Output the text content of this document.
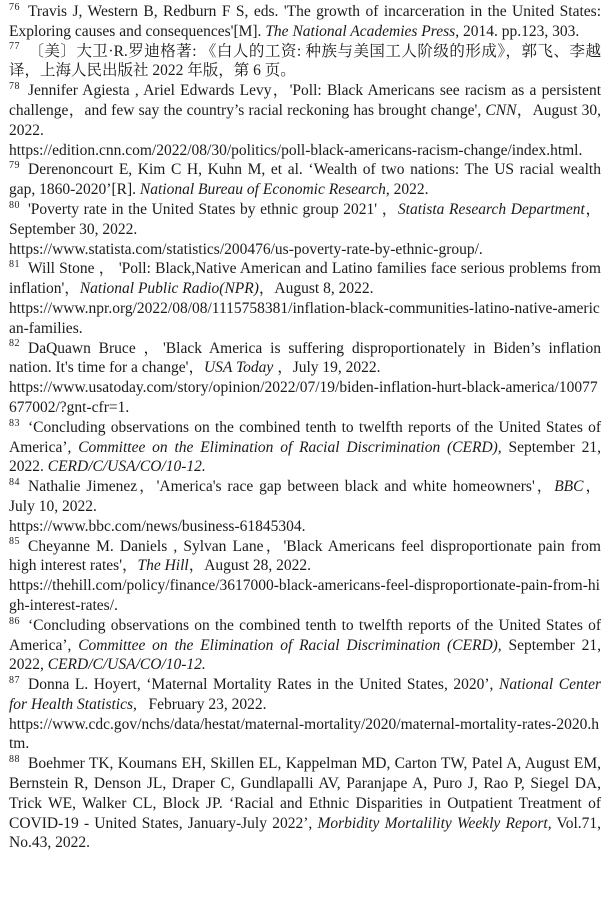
$^{76}$ Travis J, Western B, Redburn F S, eds. 'The growth of incarceration in the United States: Exploring causes and consequences'[M]. The National Academies Press, 2014. pp.123, 303.

$^{77}$ 〔美〕大卫·R.罗迪格著: 《白人的工资: 种族与美国工人阶级的形成》，郭飞、李越译，上海人民出版社 2022 年版，第 6 页。

$^{78}$ Jennifer Agiesta , Ariel Edwards Levy，'Poll: Black Americans see racism as a persistent challenge，and few say the country’s racial reckoning has brought change', CNN，August 30, 2022.
https://edition.cnn.com/2022/08/30/politics/poll-black-americans-racism-change/index.html.

$^{79}$ Derenoncourt E, Kim C H, Kuhn M, et al. ‘Wealth of two nations: The US racial wealth gap, 1860-2020’[R]. National Bureau of Economic Research, 2022.

$^{80}$ 'Poverty rate in the United States by ethnic group 2021' ，Statista Research Department，September 30, 2022.
https://www.statista.com/statistics/200476/us-poverty-rate-by-ethnic-group/.

$^{81}$ Will Stone ， 'Poll: Black,Native American and Latino families face serious problems from inflation'，National Public Radio(NPR)，August 8, 2022.
https://www.npr.org/2022/08/08/1115758381/inflation-black-communities-latino-native-american-families.

$^{82}$ DaQuawn Bruce ，'Black America is suffering disproportionately in Biden’s inflation nation. It's time for a change'，USA Today ，July 19, 2022.
https://www.usatoday.com/story/opinion/2022/07/19/biden-inflation-hurt-black-america/10077677002/?gnt-cfr=1.

$^{83}$ ‘Concluding observations on the combined tenth to twelfth reports of the United States of America’, Committee on the Elimination of Racial Discrimination (CERD), September 21, 2022. CERD/C/USA/CO/10-12.

$^{84}$ Nathalie Jimenez，'America's race gap between black and white homeowners'，BBC，July 10, 2022.
https://www.bbc.com/news/business-61845304.

$^{85}$ Cheyanne M. Daniels , Sylvan Lane，'Black Americans feel disproportionate pain from high interest rates'，The Hill，August 28, 2022.
https://thehill.com/policy/finance/3617000-black-americans-feel-disproportionate-pain-from-high-interest-rates/.

$^{86}$ ‘Concluding observations on the combined tenth to twelfth reports of the United States of America’, Committee on the Elimination of Racial Discrimination (CERD), September 21, 2022, CERD/C/USA/CO/10-12.

$^{87}$ Donna L. Hoyert, ‘Maternal Mortality Rates in the United States, 2020’, National Center for Health Statistics,   February 23, 2022.
https://www.cdc.gov/nchs/data/hestat/maternal-mortality/2020/maternal-mortality-rates-2020.htm.

$^{88}$ Boehmer TK, Koumans EH, Skillen EL, Kappelman MD, Carton TW, Patel A, August EM, Bernstein R, Denson JL, Draper C, Gundlapalli AV, Paranjape A, Puro J, Rao P, Siegel DA, Trick WE, Walker CL, Block JP. ‘Racial and Ethnic Disparities in Outpatient Treatment of COVID-19 - United States, January-July 2022’, Morbidity Mortalility Weekly Report, Vol.71, No.43, 2022.
